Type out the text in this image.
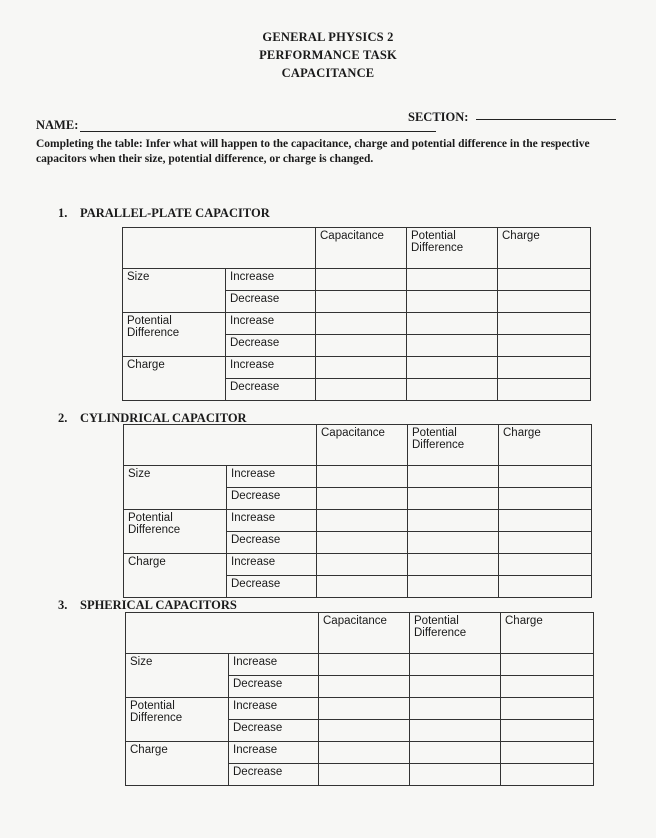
GENERAL PHYSICS 2
PERFORMANCE TASK
CAPACITANCE
NAME:
SECTION:
Completing the table: Infer what will happen to the capacitance, charge and potential difference in the respective capacitors when their size, potential difference, or charge is changed.
1. PARALLEL-PLATE CAPACITOR
		Capacitance	Potential Difference	Charge
Size	Increase			
	Decrease			
Potential Difference	Increase			
	Decrease			
Charge	Increase			
	Decrease			
2. CYLINDRICAL CAPACITOR
		Capacitance	Potential Difference	Charge
Size	Increase			
	Decrease			
Potential Difference	Increase			
	Decrease			
Charge	Increase			
	Decrease			
3. SPHERICAL CAPACITORS
		Capacitance	Potential Difference	Charge
Size	Increase			
	Decrease			
Potential Difference	Increase			
	Decrease			
Charge	Increase			
	Decrease			
